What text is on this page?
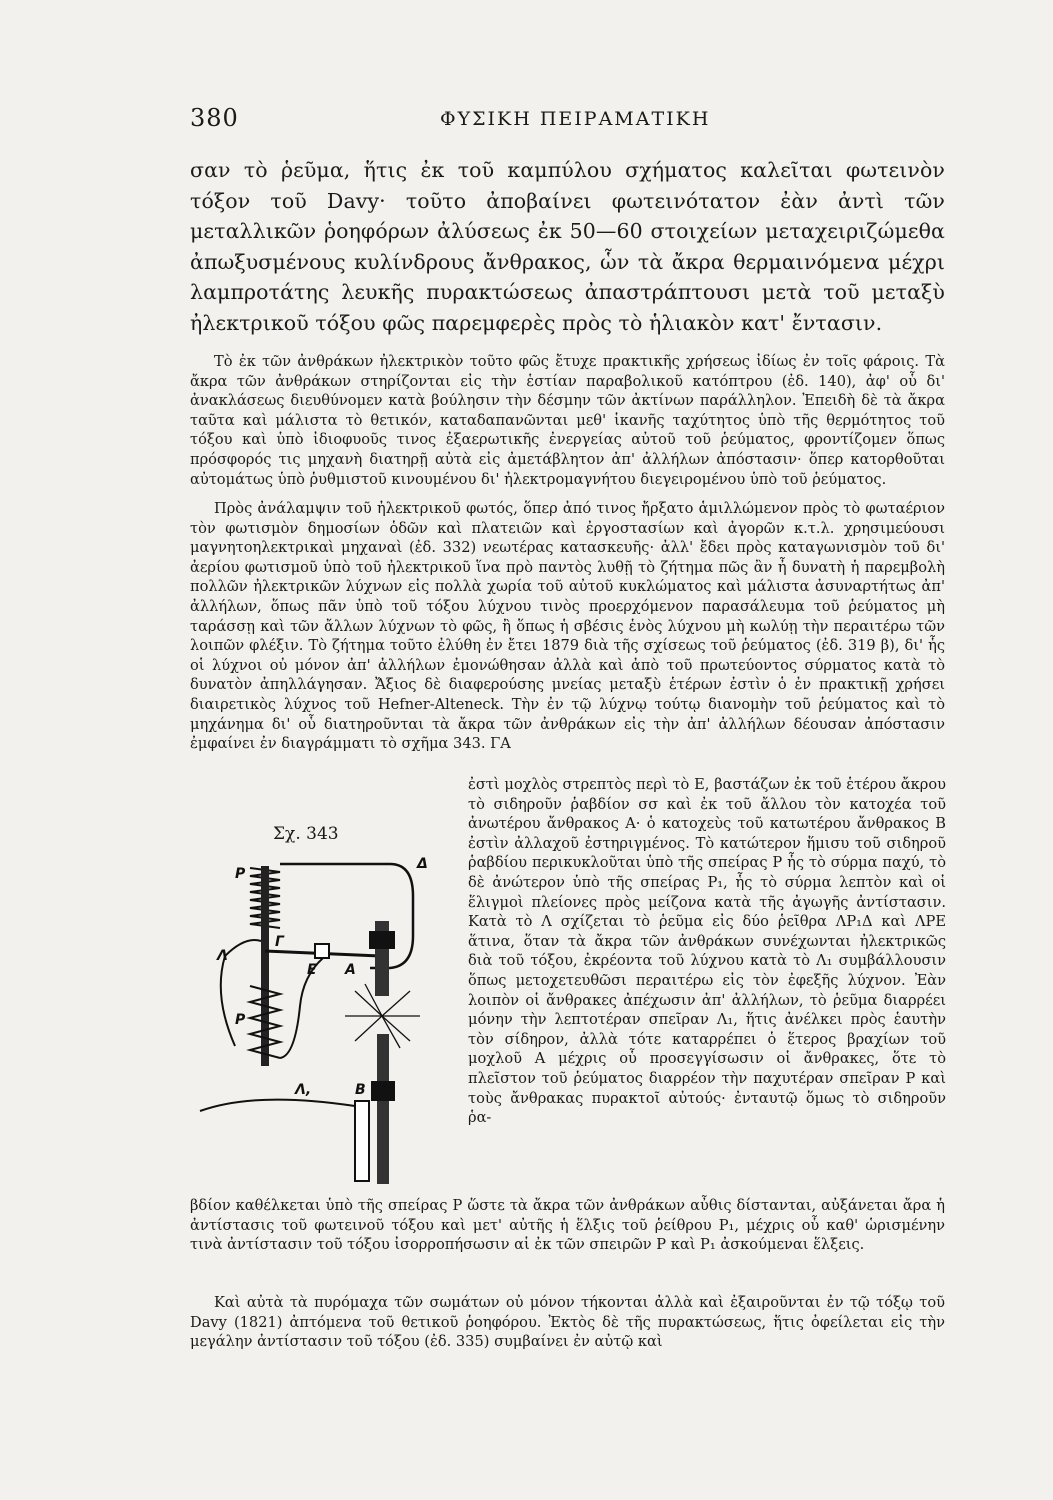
380	ΦΥΣΙΚΗ ΠΕΙΡΑΜΑΤΙΚΗ

σαν τὸ ῥεῦμα, ἥτις ἐκ τοῦ καμπύλου σχήματος καλεῖται φωτεινὸν τόξον τοῦ Davy· τοῦτο ἀποβαίνει φωτεινότατον ἐὰν ἀντὶ τῶν μεταλλικῶν ῥοηφόρων ἀλύσεως ἐκ 50—60 στοιχείων μεταχειριζώμεθα ἀπωξυσμένους κυλίνδρους ἄνθρακος, ὧν τὰ ἄκρα θερμαινόμενα μέχρι λαμπροτάτης λευκῆς πυρακτώσεως ἀπαστράπτουσι μετὰ τοῦ μεταξὺ ἠλεκτρικοῦ τόξου φῶς παρεμφερὲς πρὸς τὸ ἡλιακὸν κατ' ἔντασιν.

Τὸ ἐκ τῶν ἀνθράκων ἠλεκτρικὸν τοῦτο φῶς ἔτυχε πρακτικῆς χρήσεως ἰδίως ἐν τοῖς φάροις. Τὰ ἄκρα τῶν ἀνθράκων στηρίζονται εἰς τὴν ἑστίαν παραβολικοῦ κατόπτρου (ἐδ. 140), ἀφ' οὗ δι' ἀνακλάσεως διευθύνομεν κατὰ βούλησιν τὴν δέσμην τῶν ἀκτίνων παράλληλον. Ἐπειδὴ δὲ τὰ ἄκρα ταῦτα καὶ μάλιστα τὸ θετικόν, καταδαπανῶνται μεθ' ἱκανῆς ταχύτητος ὑπὸ τῆς θερμότητος τοῦ τόξου καὶ ὑπὸ ἰδιοφυοῦς τινος ἐξαερωτικῆς ἐνεργείας αὐτοῦ τοῦ ῥεύματος, φροντίζομεν ὅπως πρόσφορός τις μηχανὴ διατηρῇ αὐτὰ εἰς ἀμετάβλητον ἀπ' ἀλλήλων ἀπόστασιν· ὅπερ κατορθοῦται αὐτομάτως ὑπὸ ῥυθμιστοῦ κινουμένου δι' ἠλεκτρομαγνήτου διεγειρομένου ὑπὸ τοῦ ῥεύματος.

Πρὸς ἀνάλαμψιν τοῦ ἠλεκτρικοῦ φωτός, ὅπερ ἀπό τινος ἤρξατο ἁμιλλώμενον πρὸς τὸ φωταέριον τὸν φωτισμὸν δημοσίων ὁδῶν καὶ πλατειῶν καὶ ἐργοστασίων καὶ ἀγορῶν κ.τ.λ. χρησιμεύουσι μαγνητοηλεκτρικαὶ μηχαναὶ (ἐδ. 332) νεωτέρας κατασκευῆς· ἀλλ' ἔδει πρὸς καταγωνισμὸν τοῦ δι' ἀερίου φωτισμοῦ ὑπὸ τοῦ ἠλεκτρικοῦ ἵνα πρὸ παντὸς λυθῇ τὸ ζήτημα πῶς ἂν ἦ δυνατὴ ἡ παρεμβολὴ πολλῶν ἠλεκτρικῶν λύχνων εἰς πολλὰ χωρία τοῦ αὐτοῦ κυκλώματος καὶ μάλιστα ἀσυναρτήτως ἀπ' ἀλλήλων, ὅπως πᾶν ὑπὸ τοῦ τόξου λύχνου τινὸς προερχόμενον παρασάλευμα τοῦ ῥεύματος μὴ ταράσσῃ καὶ τῶν ἄλλων λύχνων τὸ φῶς, ἢ ὅπως ἡ σβέσις ἑνὸς λύχνου μὴ κωλύῃ τὴν περαιτέρω τῶν λοιπῶν φλέξιν. Τὸ ζήτημα τοῦτο ἐλύθη ἐν ἔτει 1879 διὰ τῆς σχίσεως τοῦ ῥεύματος (ἐδ. 319 β), δι' ἧς οἱ λύχνοι οὐ μόνον ἀπ' ἀλλήλων ἐμονώθησαν ἀλλὰ καὶ ἀπὸ τοῦ πρωτεύοντος σύρματος κατὰ τὸ δυνατὸν ἀπηλλάγησαν. Ἄξιος δὲ διαφερούσης μνείας μεταξὺ ἑτέρων ἐστὶν ὁ ἐν πρακτικῇ χρήσει διαιρετικὸς λύχνος τοῦ Hefner-Alteneck. Τὴν ἐν τῷ λύχνῳ τούτῳ διανομὴν τοῦ ῥεύματος καὶ τὸ μηχάνημα δι' οὗ διατηροῦνται τὰ ἄκρα τῶν ἀνθράκων εἰς τὴν ἀπ' ἀλλήλων δέουσαν ἀπόστασιν ἐμφαίνει ἐν διαγράμματι τὸ σχῆμα 343. ΓΑ

Σχ. 343
P
Δ
Λ
Γ
E A
P
Λ,	B

ἐστὶ μοχλὸς στρεπτὸς περὶ τὸ Ε, βαστάζων ἐκ τοῦ ἑτέρου ἄκρου τὸ σιδηροῦν ῥαβδίον σσ καὶ ἐκ τοῦ ἄλλου τὸν κατοχέα τοῦ ἀνωτέρου ἄνθρακος Α· ὁ κατοχεὺς τοῦ κατωτέρου ἄνθρακος Β ἐστὶν ἀλλαχοῦ ἐστηριγμένος. Τὸ κατώτερον ἥμισυ τοῦ σιδηροῦ ῥαβδίου περικυκλοῦται ὑπὸ τῆς σπείρας Ρ ἧς τὸ σύρμα παχύ, τὸ δὲ ἀνώτερον ὑπὸ τῆς σπείρας Ρ₁, ἧς τὸ σύρμα λεπτὸν καὶ οἱ ἕλιγμοὶ πλείονες πρὸς μείζονα κατὰ τῆς ἀγωγῆς ἀντίστασιν. Κατὰ τὸ Λ σχίζεται τὸ ῥεῦμα εἰς δύο ῥεῖθρα ΛΡ₁Δ καὶ ΛΡΕ ἅτινα, ὅταν τὰ ἄκρα τῶν ἀνθράκων συνέχωνται ἠλεκτρικῶς διὰ τοῦ τόξου, ἐκρέοντα τοῦ λύχνου κατὰ τὸ Λ₁ συμβάλλουσιν ὅπως μετοχετευθῶσι περαιτέρω εἰς τὸν ἐφεξῆς λύχνον. Ἐὰν λοιπὸν οἱ ἄνθρακες ἀπέχωσιν ἀπ' ἀλλήλων, τὸ ῥεῦμα διαρρέει μόνην τὴν λεπτοτέραν σπεῖραν Λ₁, ἥτις ἀνέλκει πρὸς ἑαυτὴν τὸν σίδηρον, ἀλλὰ τότε καταρρέπει ὁ ἕτερος βραχίων τοῦ μοχλοῦ Α μέχρις οὗ προσεγγίσωσιν οἱ ἄνθρακες, ὅτε τὸ πλεῖστον τοῦ ῥεύματος διαρρέον τὴν παχυτέραν σπεῖραν Ρ καὶ τοὺς ἄνθρακας πυρακτοῖ αὐτούς· ἐνταυτῷ ὅμως τὸ σιδηροῦν ῥα-

βδίον καθέλκεται ὑπὸ τῆς σπείρας Ρ ὥστε τὰ ἄκρα τῶν ἀνθράκων αὖθις δίστανται, αὐξάνεται ἄρα ἡ ἀντίστασις τοῦ φωτεινοῦ τόξου καὶ μετ' αὐτῆς ἡ ἕλξις τοῦ ῥείθρου Ρ₁, μέχρις οὗ καθ' ὡρισμένην τινὰ ἀντίστασιν τοῦ τόξου ἰσορροπήσωσιν αἱ ἐκ τῶν σπειρῶν Ρ καὶ Ρ₁ ἀσκούμεναι ἕλξεις.

Καὶ αὐτὰ τὰ πυρόμαχα τῶν σωμάτων οὐ μόνον τήκονται ἀλλὰ καὶ ἐξαιροῦνται ἐν τῷ τόξῳ τοῦ Davy (1821) ἀπτόμενα τοῦ θετικοῦ ῥοηφόρου. Ἐκτὸς δὲ τῆς πυρακτώσεως, ἥτις ὀφείλεται εἰς τὴν μεγάλην ἀντίστασιν τοῦ τόξου (ἐδ. 335) συμβαίνει ἐν αὐτῷ καὶ
